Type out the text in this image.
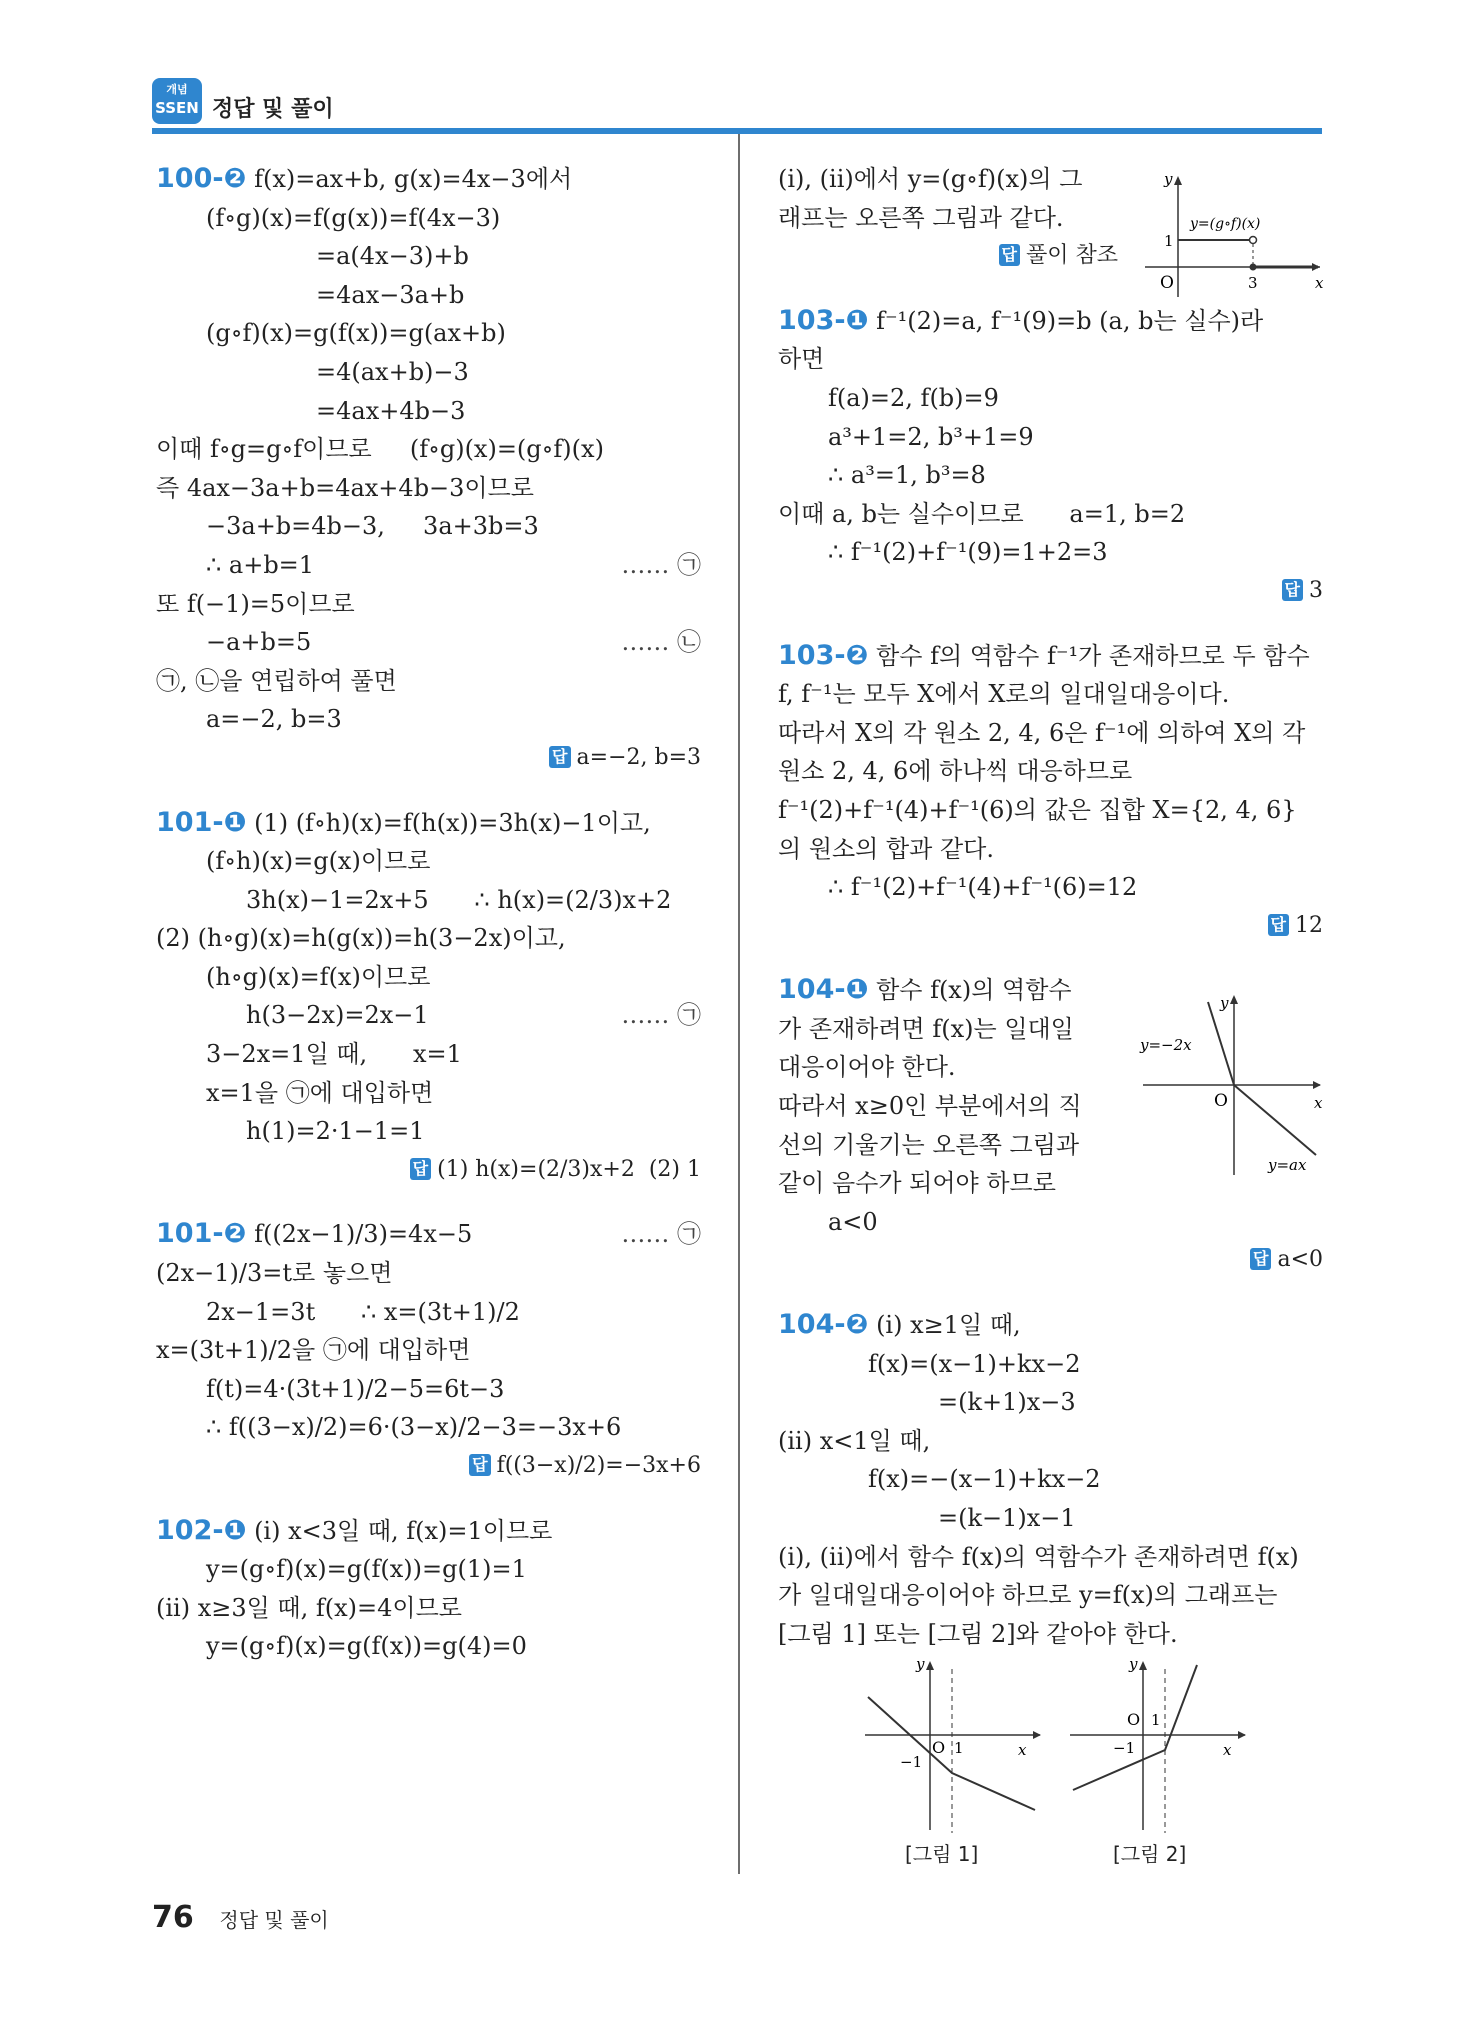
개념
SSEN 정답 및 풀이
100-❷ f(x)=ax+b, g(x)=4x−3에서
(f∘g)(x)=f(g(x))=f(4x−3)
=a(4x−3)+b
=4ax−3a+b
(g∘f)(x)=g(f(x))=g(ax+b)
=4(ax+b)−3
=4ax+4b−3
이때 f∘g=g∘f이므로     (f∘g)(x)=(g∘f)(x)
즉 4ax−3a+b=4ax+4b−3이므로
−3a+b=4b−3,     3a+3b=3
∴ a+b=1	…… ㉠
또 f(−1)=5이므로
−a+b=5	…… ㉡
㉠, ㉡을 연립하여 풀면
a=−2, b=3
답 a=−2, b=3
101-❶ (1) (f∘h)(x)=f(h(x))=3h(x)−1이고,
(f∘h)(x)=g(x)이므로
3h(x)−1=2x+5      ∴ h(x)=(2/3)x+2
(2) (h∘g)(x)=h(g(x))=h(3−2x)이고,
(h∘g)(x)=f(x)이므로
h(3−2x)=2x−1	…… ㉠
3−2x=1일 때,      x=1
x=1을 ㉠에 대입하면
h(1)=2·1−1=1
답 (1) h(x)=(2/3)x+2  (2) 1
101-❷ f((2x−1)/3)=4x−5	…… ㉠
(2x−1)/3=t로 놓으면
2x−1=3t      ∴ x=(3t+1)/2
x=(3t+1)/2을 ㉠에 대입하면
f(t)=4·(3t+1)/2−5=6t−3
∴ f((3−x)/2)=6·(3−x)/2−3=−3x+6
답 f((3−x)/2)=−3x+6
102-❶ (i) x<3일 때, f(x)=1이므로
y=(g∘f)(x)=g(f(x))=g(1)=1
(ii) x≥3일 때, f(x)=4이므로
y=(g∘f)(x)=g(f(x))=g(4)=0
(i), (ii)에서 y=(g∘f)(x)의 그
래프는 오른쪽 그림과 같다.
답 풀이 참조
103-❶ f⁻¹(2)=a, f⁻¹(9)=b (a, b는 실수)라
하면
f(a)=2, f(b)=9
a³+1=2, b³+1=9
∴ a³=1, b³=8
이때 a, b는 실수이므로      a=1, b=2
∴ f⁻¹(2)+f⁻¹(9)=1+2=3
답 3
103-❷ 함수 f의 역함수 f⁻¹가 존재하므로 두 함수
f, f⁻¹는 모두 X에서 X로의 일대일대응이다.
따라서 X의 각 원소 2, 4, 6은 f⁻¹에 의하여 X의 각
원소 2, 4, 6에 하나씩 대응하므로
f⁻¹(2)+f⁻¹(4)+f⁻¹(6)의 값은 집합 X={2, 4, 6}
의 원소의 합과 같다.
∴ f⁻¹(2)+f⁻¹(4)+f⁻¹(6)=12
답 12
104-❶ 함수 f(x)의 역함수
가 존재하려면 f(x)는 일대일
대응이어야 한다.
따라서 x≥0인 부분에서의 직
선의 기울기는 오른쪽 그림과
같이 음수가 되어야 하므로
a<0
답 a<0
104-❷ (i) x≥1일 때,
f(x)=(x−1)+kx−2
=(k+1)x−3
(ii) x<1일 때,
f(x)=−(x−1)+kx−2
=(k−1)x−1
(i), (ii)에서 함수 f(x)의 역함수가 존재하려면 f(x)
가 일대일대응이어야 하므로 y=f(x)의 그래프는
[그림 1] 또는 [그림 2]와 같아야 한다.
y
x
O
1
3
y=(g∘f)(x)
y
x
O
y=−2x
y=ax
y
x
O 1
−1
[그림 1]
y
x
O 1
−1
[그림 2]
76 정답 및 풀이
